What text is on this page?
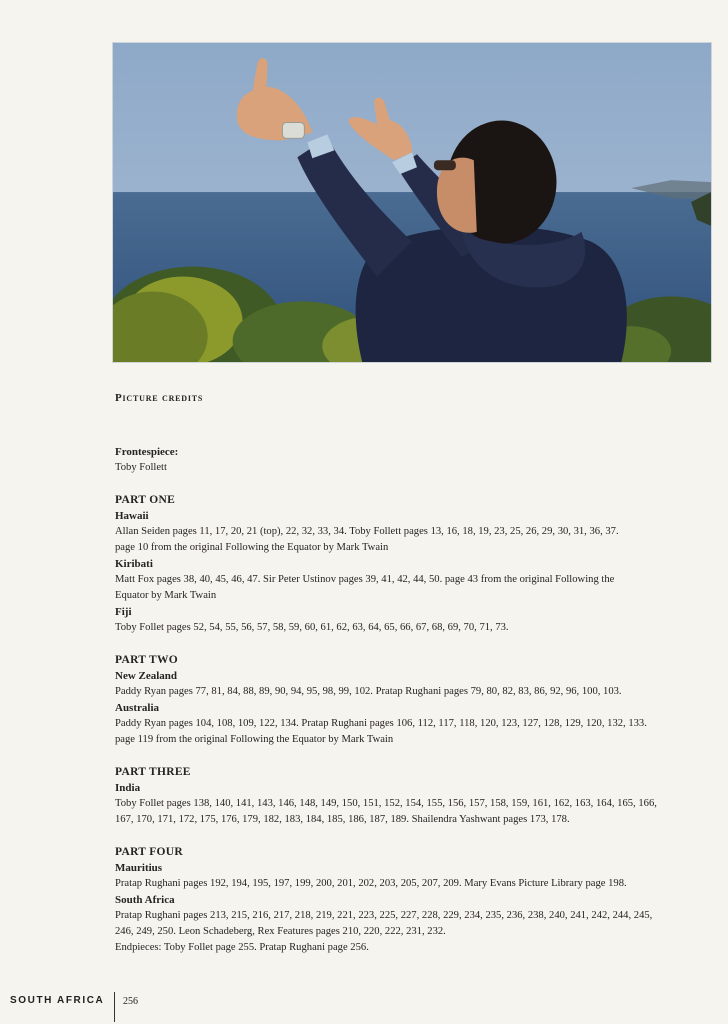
Picture credits

Frontespiece:
Toby Follett
PART ONE
Hawaii
Allan Seiden pages 11, 17, 20, 21 (top), 22, 32, 33, 34. Toby Follett pages 13, 16, 18, 19, 23, 25, 26, 29, 30, 31, 36, 37.
page 10 from the original Following the Equator by Mark Twain
Kiribati
Matt Fox pages 38, 40, 45, 46, 47. Sir Peter Ustinov pages 39, 41, 42, 44, 50. page 43 from the original Following the
Equator by Mark Twain
Fiji
Toby Follet pages 52, 54, 55, 56, 57, 58, 59, 60, 61, 62, 63, 64, 65, 66, 67, 68, 69, 70, 71, 73.
PART TWO
New Zealand
Paddy Ryan pages 77, 81, 84, 88, 89, 90, 94, 95, 98, 99, 102. Pratap Rughani pages 79, 80, 82, 83, 86, 92, 96, 100, 103.
Australia
Paddy Ryan pages 104, 108, 109, 122, 134. Pratap Rughani pages 106, 112, 117, 118, 120, 123, 127, 128, 129, 120, 132, 133.
page 119 from the original Following the Equator by Mark Twain
PART THREE
India
Toby Follet pages 138, 140, 141, 143, 146, 148, 149, 150, 151, 152, 154, 155, 156, 157, 158, 159, 161, 162, 163, 164, 165, 166,
167, 170, 171, 172, 175, 176, 179, 182, 183, 184, 185, 186, 187, 189. Shailendra Yashwant pages 173, 178.
PART FOUR
Mauritius
Pratap Rughani pages 192, 194, 195, 197, 199, 200, 201, 202, 203, 205, 207, 209. Mary Evans Picture Library page 198.
South Africa
Pratap Rughani pages 213, 215, 216, 217, 218, 219, 221, 223, 225, 227, 228, 229, 234, 235, 236, 238, 240, 241, 242, 244, 245,
246, 249, 250. Leon Schadeberg, Rex Features pages 210, 220, 222, 231, 232.
Endpieces: Toby Follet page 255. Pratap Rughani page 256.
SOUTH AFRICA 256
